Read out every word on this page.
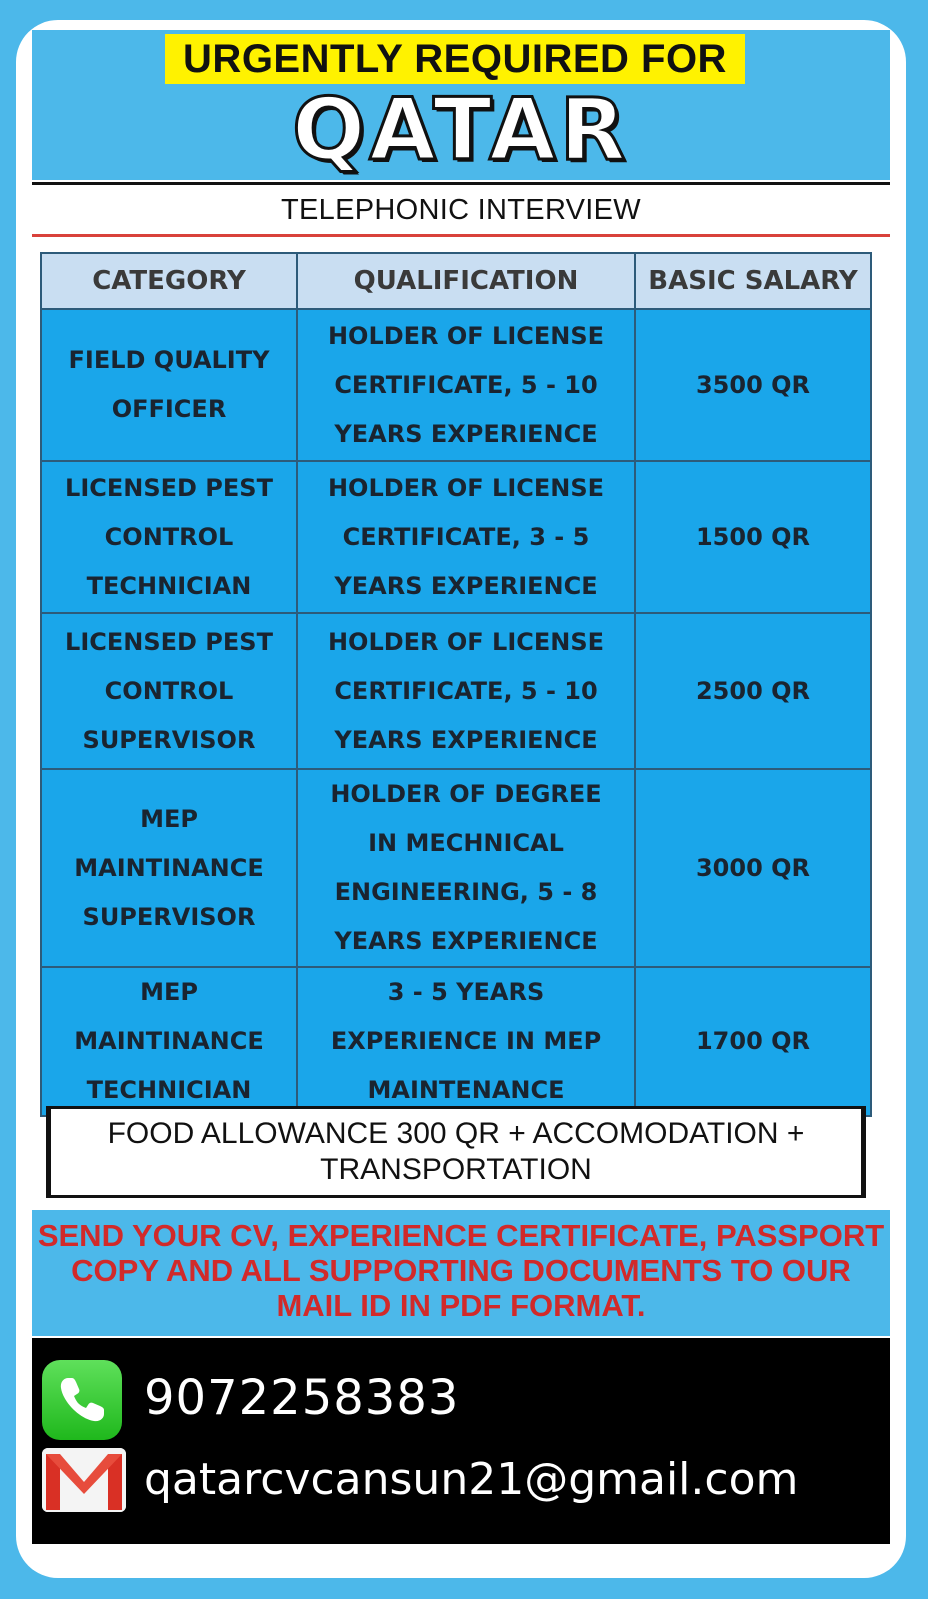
URGENTLY REQUIRED FOR
QATAR
TELEPHONIC INTERVIEW
CATEGORY	QUALIFICATION	BASIC SALARY
FIELD QUALITY OFFICER	HOLDER OF LICENSE CERTIFICATE, 5 - 10 YEARS EXPERIENCE	3500 QR
LICENSED PEST CONTROL TECHNICIAN	HOLDER OF LICENSE CERTIFICATE, 3 - 5 YEARS EXPERIENCE	1500 QR
LICENSED PEST CONTROL SUPERVISOR	HOLDER OF LICENSE CERTIFICATE, 5 - 10 YEARS EXPERIENCE	2500 QR
MEP MAINTINANCE SUPERVISOR	HOLDER OF DEGREE IN MECHNICAL ENGINEERING, 5 - 8 YEARS EXPERIENCE	3000 QR
MEP MAINTINANCE TECHNICIAN	3 - 5 YEARS EXPERIENCE IN MEP MAINTENANCE	1700 QR
FOOD ALLOWANCE 300 QR + ACCOMODATION + TRANSPORTATION
SEND YOUR CV, EXPERIENCE CERTIFICATE, PASSPORT COPY AND ALL SUPPORTING DOCUMENTS TO OUR MAIL ID IN PDF FORMAT.
9072258383
qatarcvcansun21@gmail.com
